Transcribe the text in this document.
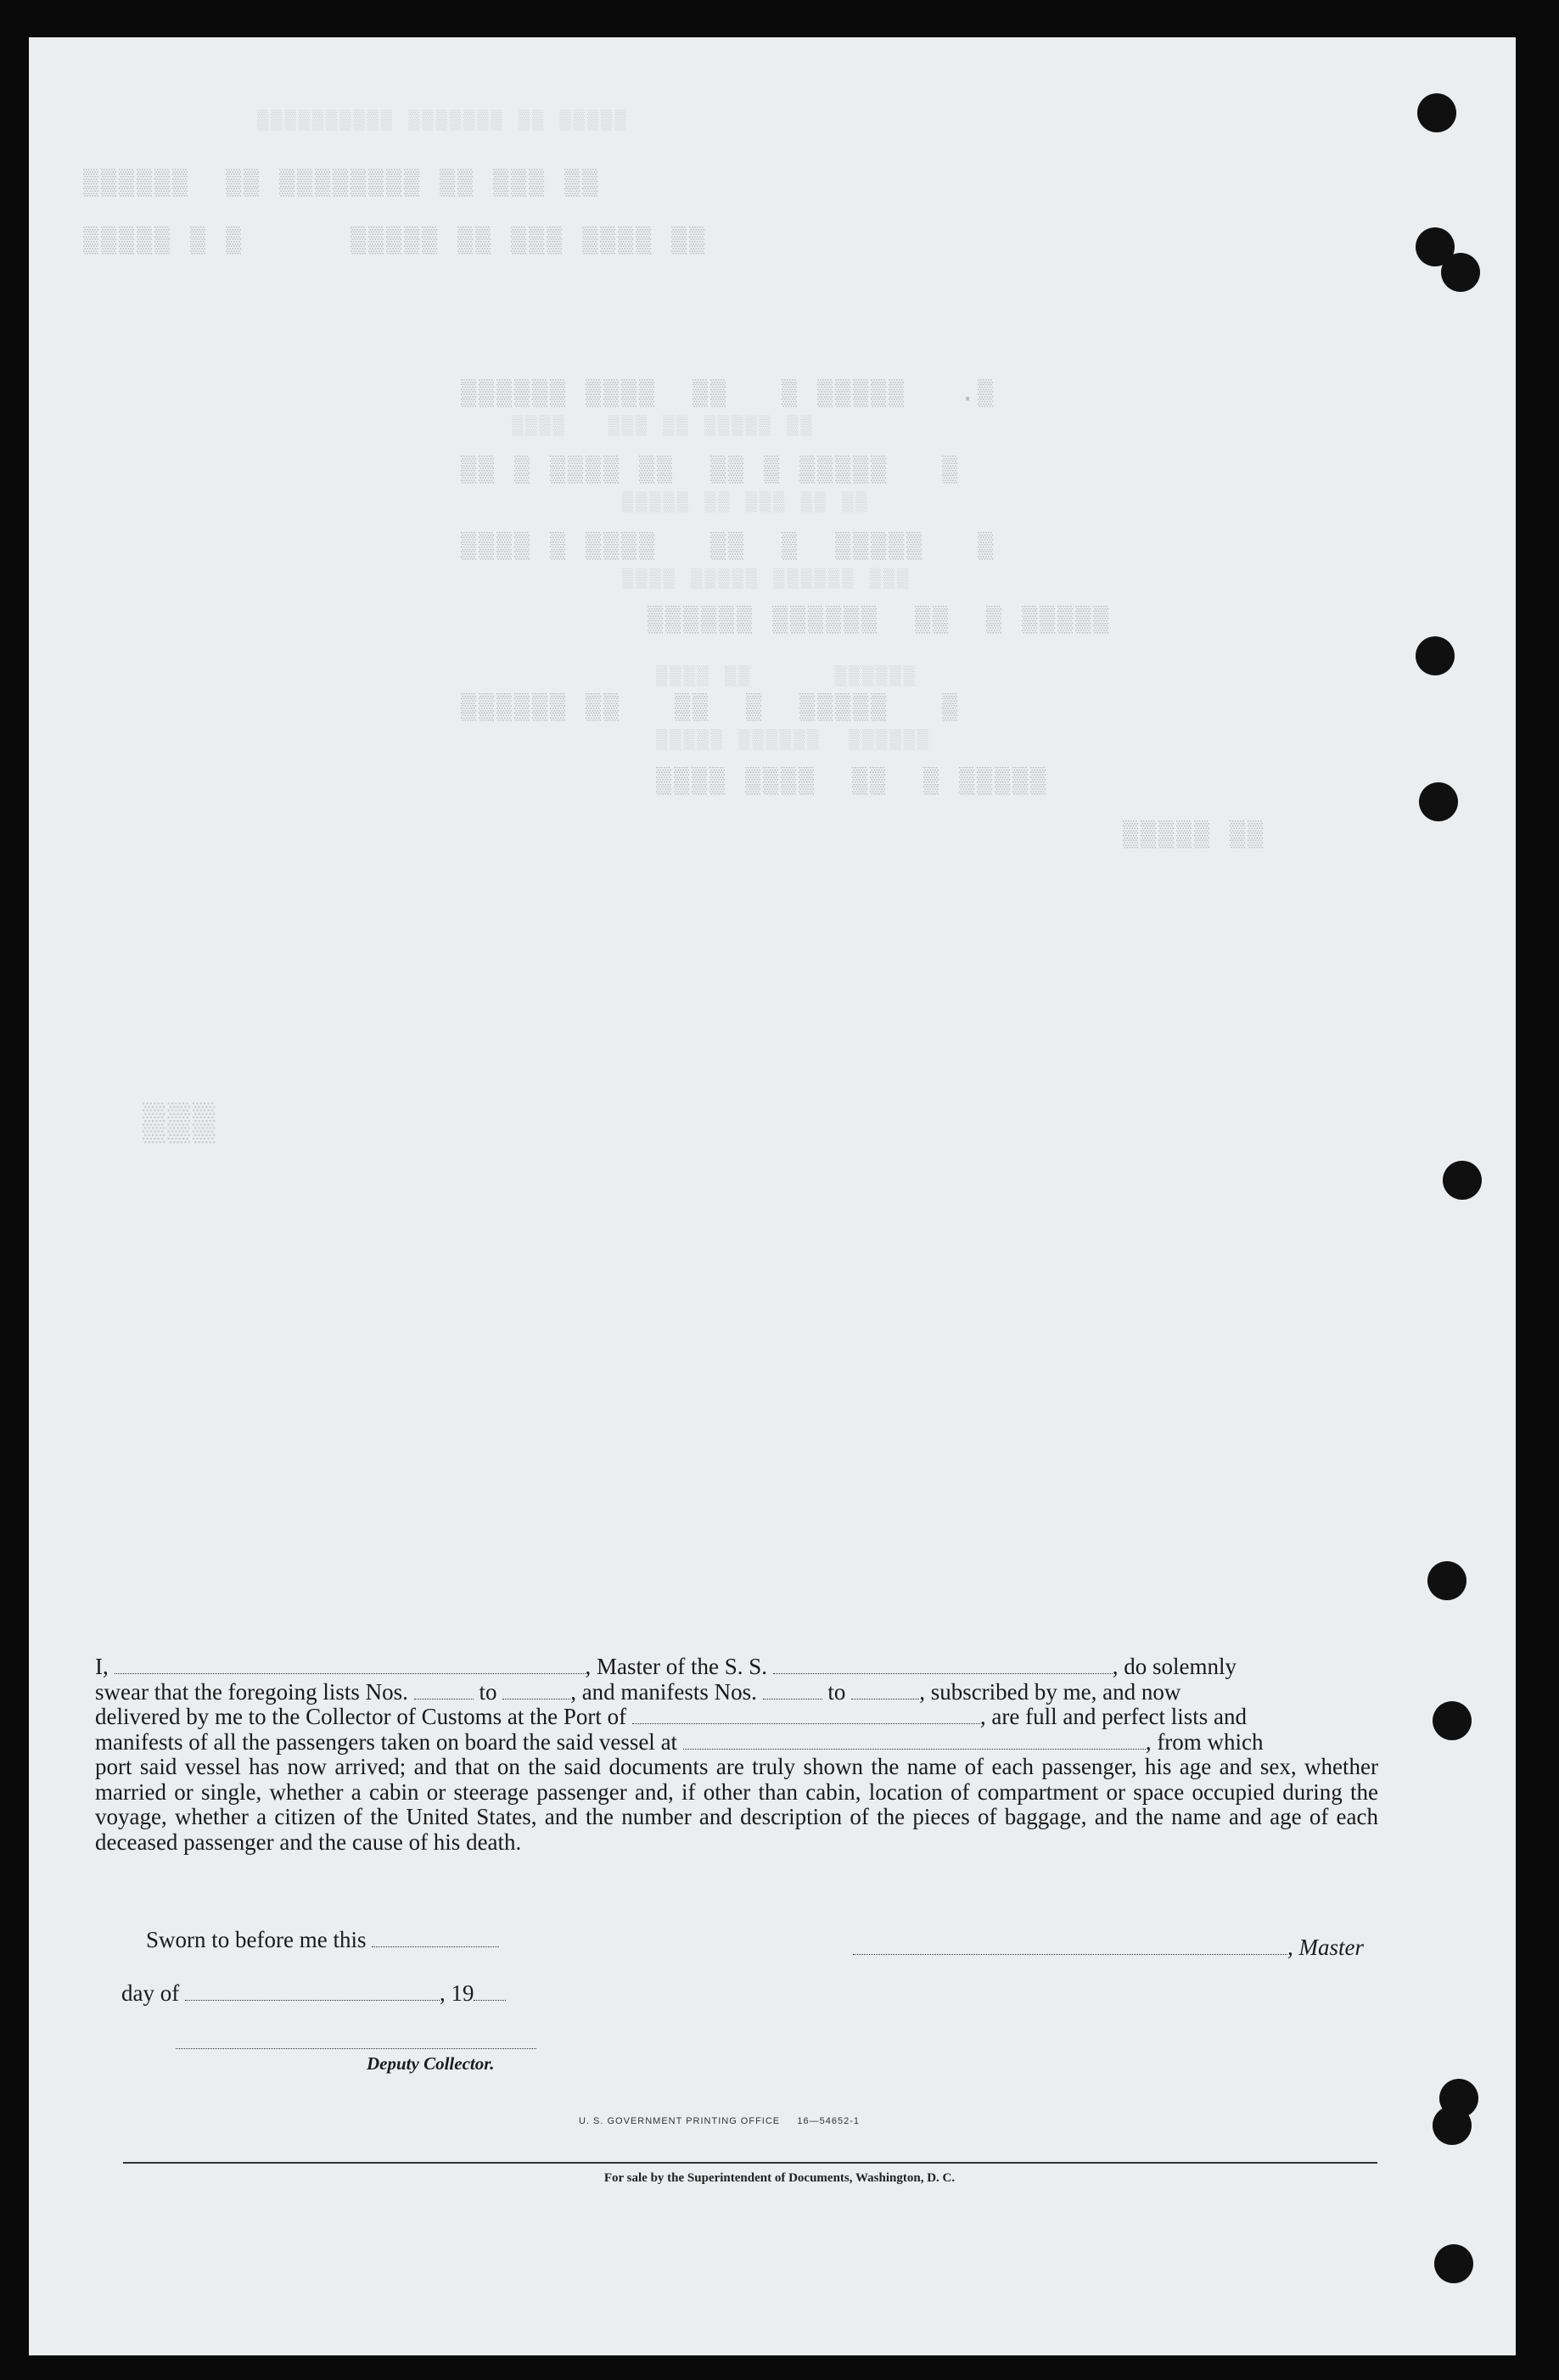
▒▒▒▒▒ ▒▒ ▒▒▒▒▒▒▒ ▒▒▒▒▒▒▒▒▒▒
▒▒ ▒▒▒ ▒▒ ▒▒▒▒▒▒▒▒ ▒▒  ▒▒▒▒▒▒
▒▒ ▒▒▒▒ ▒▒▒ ▒▒ ▒▒▒▒▒      ▒ ▒ ▒▒▒▒▒
▒.   ▒▒▒▒▒ ▒   ▒▒  ▒▒▒▒ ▒▒▒▒▒▒
▒▒ ▒▒▒▒▒ ▒▒ ▒▒▒   ▒▒▒▒
▒   ▒▒▒▒▒ ▒ ▒▒  ▒▒ ▒▒▒▒ ▒ ▒▒
▒▒ ▒▒ ▒▒▒ ▒▒ ▒▒▒▒▒
▒   ▒▒▒▒▒  ▒  ▒▒   ▒▒▒▒ ▒ ▒▒▒▒
▒▒▒ ▒▒▒▒▒▒ ▒▒▒▒▒ ▒▒▒▒
▒▒▒▒▒ ▒  ▒▒  ▒▒▒▒▒▒ ▒▒▒▒▒▒
▒▒▒▒▒▒      ▒▒ ▒▒▒▒
▒   ▒▒▒▒▒  ▒  ▒▒   ▒▒ ▒▒▒▒▒▒
▒▒▒▒▒▒  ▒▒▒▒▒▒ ▒▒▒▒▒
▒▒▒▒▒ ▒  ▒▒  ▒▒▒▒ ▒▒▒▒
▒▒ ▒▒▒▒▒
▒▒▒
I,	, Master of the S. S.	, do solemnly
swear that the foregoing lists Nos.	to	, and manifests Nos.	to	, subscribed by me, and now
delivered by me to the Collector of Customs at the Port of	, are full and perfect lists and
manifests of all the passengers taken on board the said vessel at	, from which
port said vessel has now arrived; and that on the said documents are truly shown the name of each passenger, his age and sex, whether married or single, whether a cabin or steerage passenger and, if other than cabin, location of compartment or space occupied during the voyage, whether a citizen of the United States, and the number and description of the pieces of baggage, and the name and age of each deceased passenger and the cause of his death.
Sworn to before me this	, Master
day of	, 19
Deputy Collector.
U. S. GOVERNMENT PRINTING OFFICE     16—54652-1
For sale by the Superintendent of Documents, Washington, D. C.
